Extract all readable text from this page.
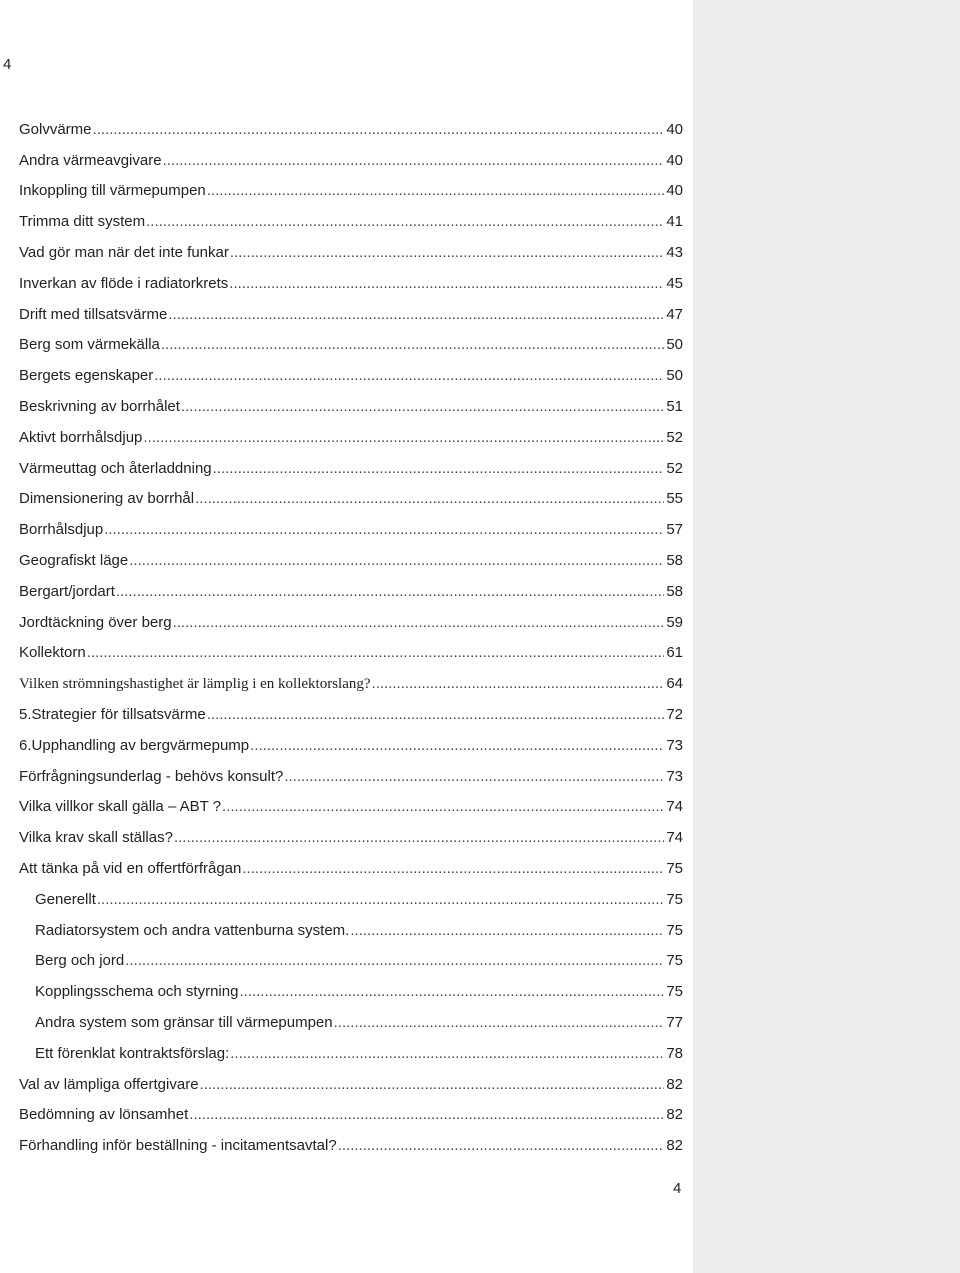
4
Golvvärme .....	40
Andra värmeavgivare .....	40
Inkoppling till värmepumpen .....	40
Trimma ditt system .....	41
Vad gör man när det inte funkar .....	43
Inverkan av flöde i radiatorkrets .....	45
Drift med tillsatsvärme .....	47
Berg som värmekälla .....	50
Bergets egenskaper .....	50
Beskrivning av borrhålet .....	51
Aktivt borrhålsdjup .....	52
Värmeuttag och återladdning .....	52
Dimensionering av borrhål .....	55
Borrhålsdjup .....	57
Geografiskt läge .....	58
Bergart/jordart .....	58
Jordtäckning över berg .....	59
Kollektorn .....	61
Vilken strömningshastighet är lämplig i en kollektorslang? .....	64
5. Strategier för tillsatsvärme .....	72
6. Upphandling av bergvärmepump .....	73
Förfrågningsunderlag - behövs konsult? .....	73
Vilka villkor skall gälla – ABT ? .....	74
Vilka krav skall ställas? .....	74
Att tänka på vid en offertförfrågan .....	75
Generellt .....	75
Radiatorsystem och andra vattenburna system. .....	75
Berg och jord .....	75
Kopplingsschema och styrning .....	75
Andra system som gränsar till värmepumpen .....	77
Ett förenklat kontraktsförslag: .....	78
Val av lämpliga offertgivare .....	82
Bedömning av lönsamhet .....	82
Förhandling inför beställning - incitamentsavtal? .....	82
4
